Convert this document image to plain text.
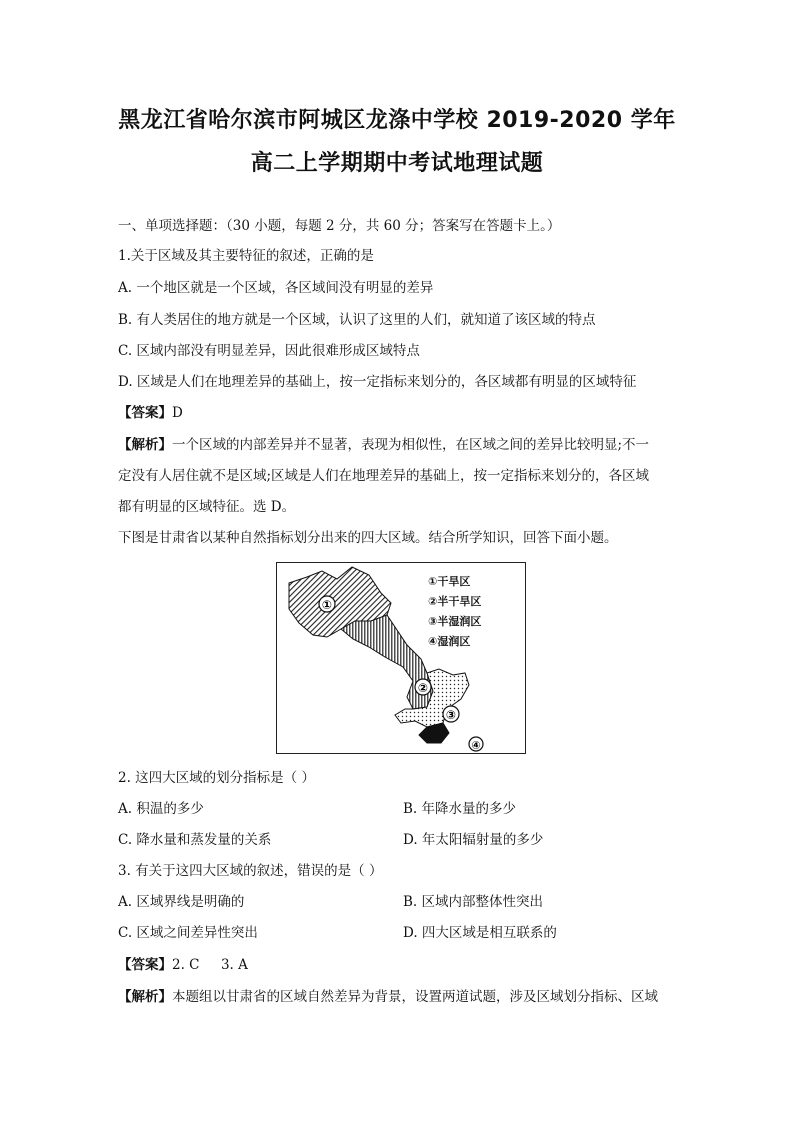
黑龙江省哈尔滨市阿城区龙涤中学校 2019-2020 学年
高二上学期期中考试地理试题
一、单项选择题：（30 小题，每题 2 分，共 60 分；答案写在答题卡上。）
1.关于区域及其主要特征的叙述，正确的是
A. 一个地区就是一个区域，各区域间没有明显的差异
B. 有人类居住的地方就是一个区域，认识了这里的人们，就知道了该区域的特点
C. 区域内部没有明显差异，因此很难形成区域特点
D. 区域是人们在地理差异的基础上，按一定指标来划分的，各区域都有明显的区域特征
【答案】D
【解析】一个区域的内部差异并不显著，表现为相似性，在区域之间的差异比较明显;不一
定没有人居住就不是区域;区域是人们在地理差异的基础上，按一定指标来划分的，各区域
都有明显的区域特征。选 D。
下图是甘肃省以某种自然指标划分出来的四大区域。结合所学知识，回答下面小题。
①
②
③
④
①干旱区
②半干旱区
③半湿润区
④湿润区
2. 这四大区域的划分指标是（ ）
A. 积温的多少	B. 年降水量的多少
C. 降水量和蒸发量的关系	D. 年太阳辐射量的多少
3. 有关于这四大区域的叙述，错误的是（ ）
A. 区域界线是明确的	B. 区域内部整体性突出
C. 区域之间差异性突出	D. 四大区域是相互联系的
【答案】2. C     3. A
【解析】本题组以甘肃省的区域自然差异为背景，设置两道试题，涉及区域划分指标、区域
